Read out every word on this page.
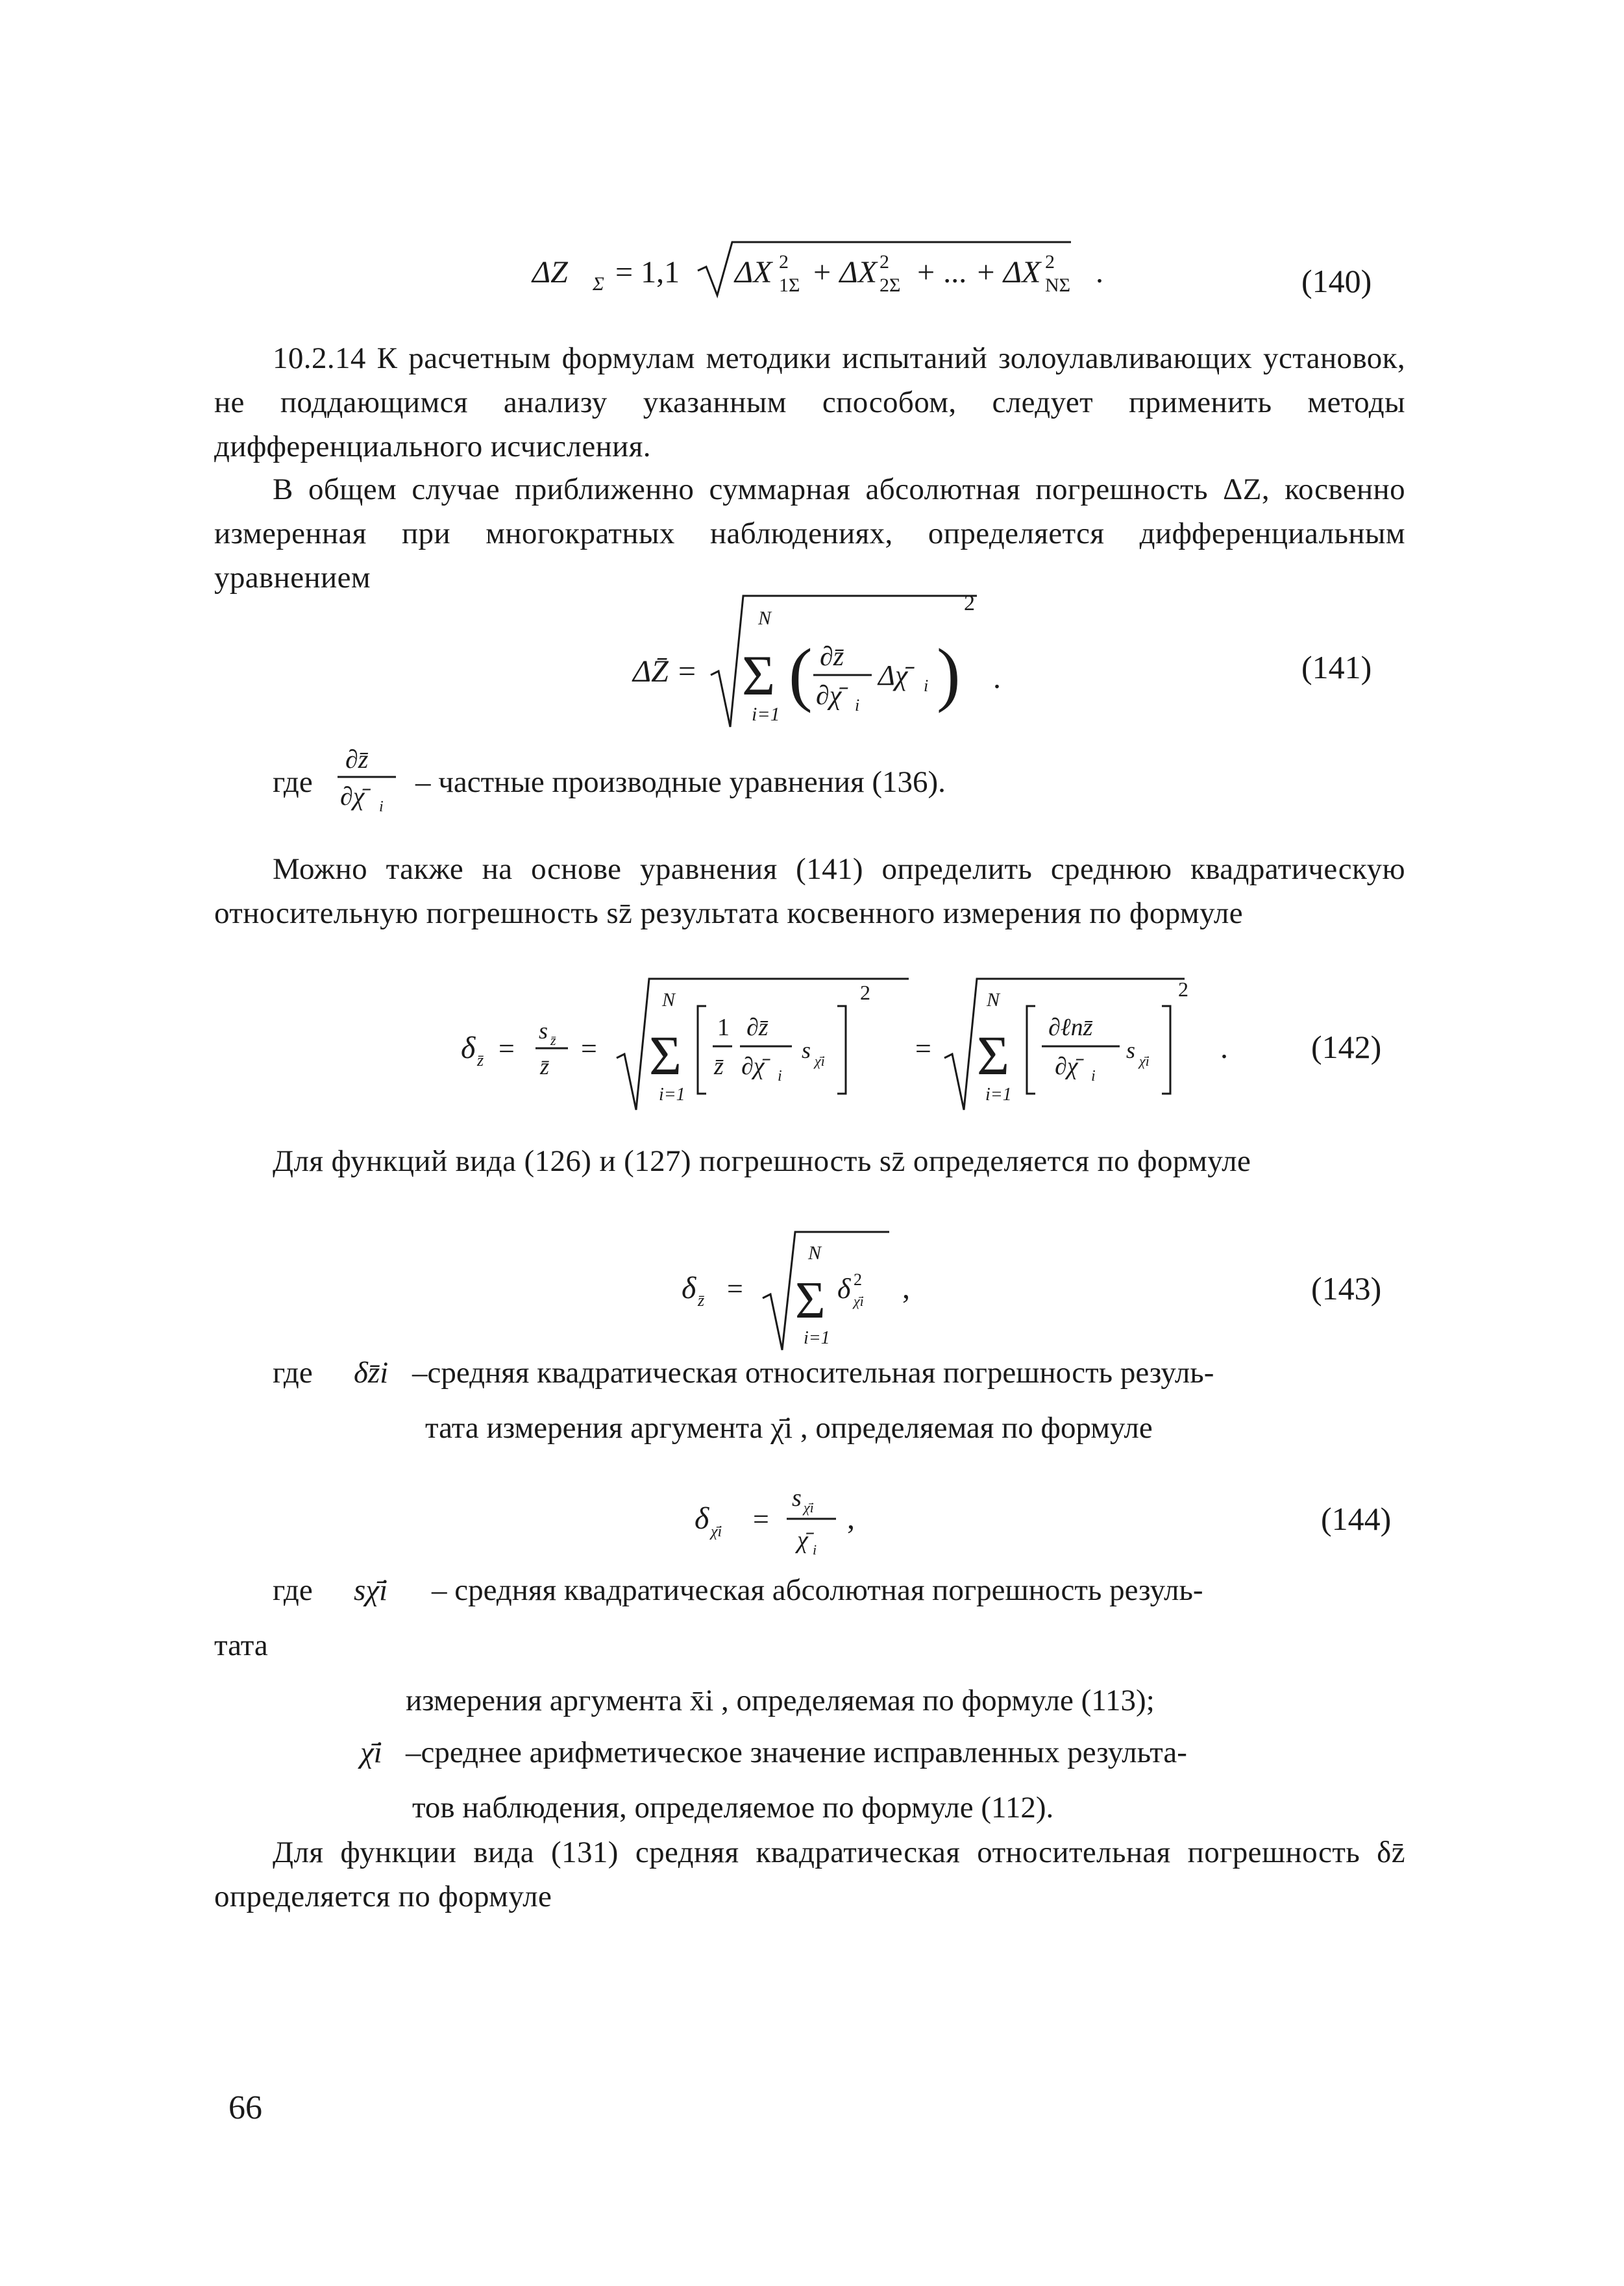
ΔZ Σ = 1,1 ΔX 2
1Σ + ΔX 2
2Σ + ... + ΔX 2
NΣ .	(140)

10.2.14 К расчетным формулам методики испытаний золоулавливающих установок, не поддающимся анализу указанным способом, следует применить методы дифференциального исчисления.

В общем случае приближенно суммарная абсолютная погрешность ΔZ, косвенно измеренная при многократных наблюдениях, определяется дифференциальным уравнением

ΔZ̄ =
N
Σ
i=1
( ∂z̄
∂χ̄ i
Δχ̄ i )
2
.	(141)
где
∂z̄
∂χ̄ i
– частные производные уравнения (136).

Можно также на основе уравнения (141) определить среднюю квадратическую относительную погрешность sz̄ результата косвенного измерения по формуле

δ z̄ =
s z̄
z̄
=
N
Σ
i=1
1
z̄
∂z̄
∂χ̄ i
s χ̄i
2
=
N
Σ
i=1
∂ℓnz̄
∂χ̄ i
s χ̄i
2
.	(142)

Для функций вида (126) и (127) погрешность sz̄ определяется по формуле

δ z̄ =
N
Σ
i=1
δ 2
χ̄i ,	(143)
где δz̄i –средняя квадратическая относительная погрешность резуль-
тата измерения аргумента χ̄i , определяемая по формуле
δ χ̄i =
s χ̄i
χ̄ i
,	(144)
где sχ̄i – средняя квадратическая абсолютная погрешность резуль-
тата
измерения аргумента x̄i , определяемая по формуле (113);
χ̄i –среднее арифметическое значение исправленных результа-
тов наблюдения, определяемое по формуле (112).

Для функции вида (131) средняя квадратическая относительная погрешность δz̄ определяется по формуле

66
